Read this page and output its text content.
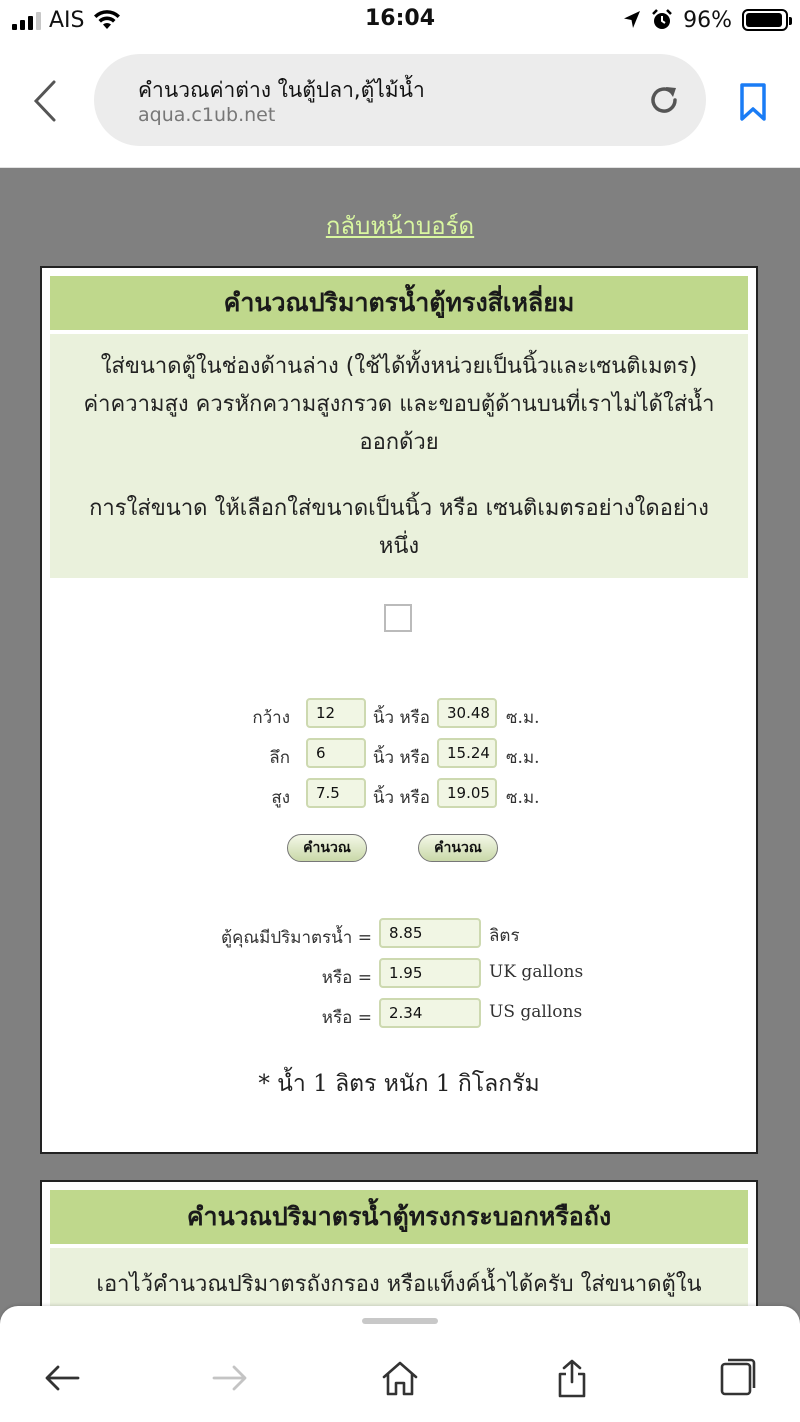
AIS	16:04	96%
คำนวณค่าต่าง ในตู้ปลา,ตู้ไม้น้ำ
aqua.c1ub.net
กลับหน้าบอร์ด
คำนวณปริมาตรน้ำตู้ทรงสี่เหลี่ยม
ใส่ขนาดตู้ในช่องด้านล่าง (ใช้ได้ทั้งหน่วยเป็นนิ้วและเซนติเมตร)
ค่าความสูง ควรหักความสูงกรวด และขอบตู้ด้านบนที่เราไม่ได้ใส่น้ำ
ออกด้วย
การใส่ขนาด ให้เลือกใส่ขนาดเป็นนิ้ว หรือ เซนติเมตรอย่างใดอย่าง
หนึ่ง
กว้าง	12	นิ้ว หรือ	30.48 ซ.ม.
ลึก	6	นิ้ว หรือ	15.24 ซ.ม.
สูง	7.5	นิ้ว หรือ	19.05 ซ.ม.
คำนวณ	คำนวณ
ตู้คุณมีปริมาตรน้ำ =	8.85	ลิตร
หรือ =	1.95	UK gallons
หรือ =	2.34	US gallons
* น้ำ 1 ลิตร หนัก 1 กิโลกรัม
คำนวณปริมาตรน้ำตู้ทรงกระบอกหรือถัง
เอาไว้คำนวณปริมาตรถังกรอง หรือแท็งค์น้ำได้ครับ ใส่ขนาดตู้ใน
